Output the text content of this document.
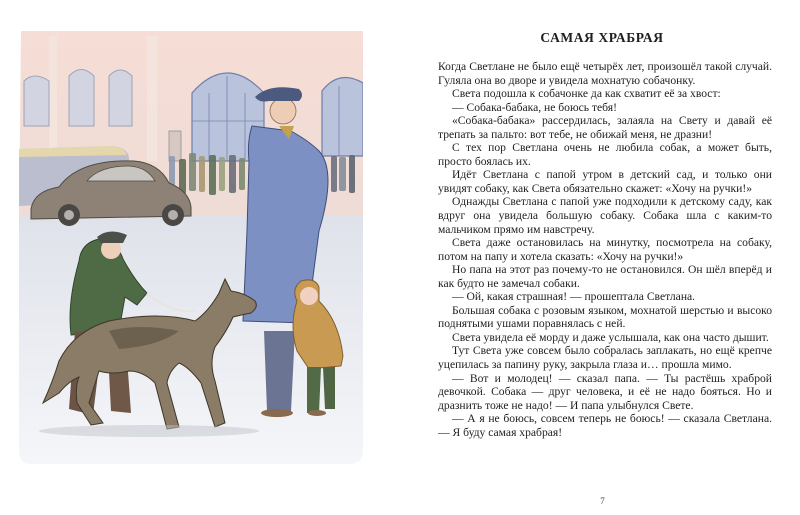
САМАЯ ХРАБРАЯ

Когда Светлане не было ещё четырёх лет, произошёл такой случай. Гуляла она во дворе и увидела мохнатую собачонку.

Света подошла к собачонке да как схватит её за хвост:

— Собака-бабака, не боюсь тебя!

«Собака-бабака» рассердилась, залаяла на Свету и давай её трепать за пальто: вот тебе, не обижай меня, не дразни!

С тех пор Светлана очень не любила собак, а может быть, просто боялась их.

Идёт Светлана с папой утром в детский сад, и только они увидят собаку, как Света обязательно скажет: «Хочу на ручки!»

Однажды Светлана с папой уже подходили к детскому саду, как вдруг она увидела большую собаку. Собака шла с каким-то мальчиком прямо им навстречу.

Света даже остановилась на минутку, посмотрела на собаку, потом на папу и хотела сказать: «Хочу на ручки!»

Но папа на этот раз почему-то не остановился. Он шёл вперёд и как будто не замечал собаки.

— Ой, какая страшная! — прошептала Светлана.

Большая собака с розовым языком, мохнатой шерстью и высоко поднятыми ушами поравнялась с ней.

Света увидела её морду и даже услышала, как она часто дышит.

Тут Света уже совсем было собралась заплакать, но ещё крепче уцепилась за папину руку, закрыла глаза и… прошла мимо.

— Вот и молодец! — сказал папа. — Ты растёшь храброй девочкой. Собака — друг человека, и её не надо бояться. Но и дразнить тоже не надо! — И папа улыбнулся Свете.

— А я не боюсь, совсем теперь не боюсь! — сказала Светлана. — Я буду самая храбрая!

7
